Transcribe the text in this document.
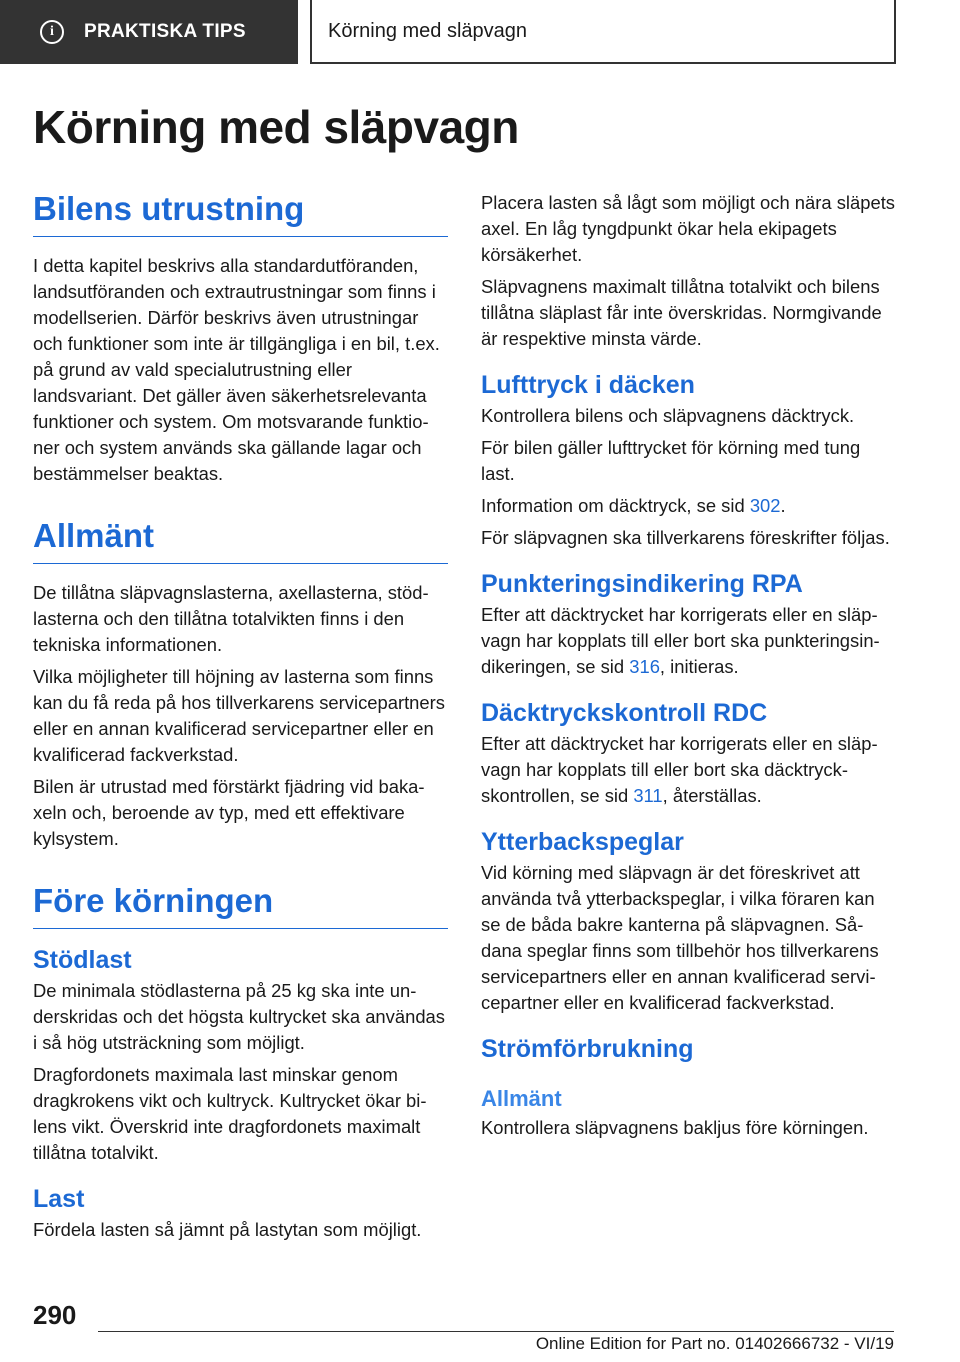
i	PRAKTISKA TIPS	Körning med släpvagn
Körning med släpvagn
Bilens utrustning

I detta kapitel beskrivs alla standardutföranden, landsutföranden och extrautrustningar som finns i modellserien. Därför beskrivs även utrustningar och funktioner som inte är tillgängliga i en bil, t.ex. på grund av vald specialutrustning eller landsvariant. Det gäller även säkerhetsrelevanta funktioner och system. Om motsvarande funktioner och system används ska gällande lagar och bestämmelser beaktas.

Allmänt

De tillåtna släpvagnslasterna, axellasterna, stödlasterna och den tillåtna totalvikten finns i den tekniska informationen.

Vilka möjligheter till höjning av lasterna som finns kan du få reda på hos tillverkarens servicepartners eller en annan kvalificerad servicepartner eller en kvalificerad fackverkstad.

Bilen är utrustad med förstärkt fjädring vid bakaxeln och, beroende av typ, med ett effektivare kylsystem.

Före körningen
Stödlast

De minimala stödlasterna på 25 kg ska inte underskridas och det högsta kultrycket ska användas i så hög utsträckning som möjligt.

Dragfordonets maximala last minskar genom dragkrokens vikt och kultryck. Kultrycket ökar bilens vikt. Överskrid inte dragfordonets maximalt tillåtna totalvikt.

Last

Fördela lasten så jämnt på lastytan som möjligt.

Placera lasten så lågt som möjligt och nära släpets axel. En låg tyngdpunkt ökar hela ekipagets körsäkerhet.

Släpvagnens maximalt tillåtna totalvikt och bilens tillåtna släplast får inte överskridas. Normgivande är respektive minsta värde.

Lufttryck i däcken

Kontrollera bilens och släpvagnens däcktryck.

För bilen gäller lufttrycket för körning med tung last.

Information om däcktryck, se sid 302.

För släpvagnen ska tillverkarens föreskrifter följas.

Punkteringsindikering RPA

Efter att däcktrycket har korrigerats eller en släpvagn har kopplats till eller bort ska punkteringsindikeringen, se sid 316, initieras.

Däcktryckskontroll RDC

Efter att däcktrycket har korrigerats eller en släpvagn har kopplats till eller bort ska däcktryckskontrollen, se sid 311, återställas.

Ytterbackspeglar

Vid körning med släpvagn är det föreskrivet att använda två ytterbackspeglar, i vilka föraren kan se de båda bakre kanterna på släpvagnen. Sådana speglar finns som tillbehör hos tillverkarens servicepartners eller en annan kvalificerad servicepartner eller en kvalificerad fackverkstad.

Strömförbrukning
Allmänt

Kontrollera släpvagnens bakljus före körningen.

290
Online Edition for Part no. 01402666732 - VI/19
